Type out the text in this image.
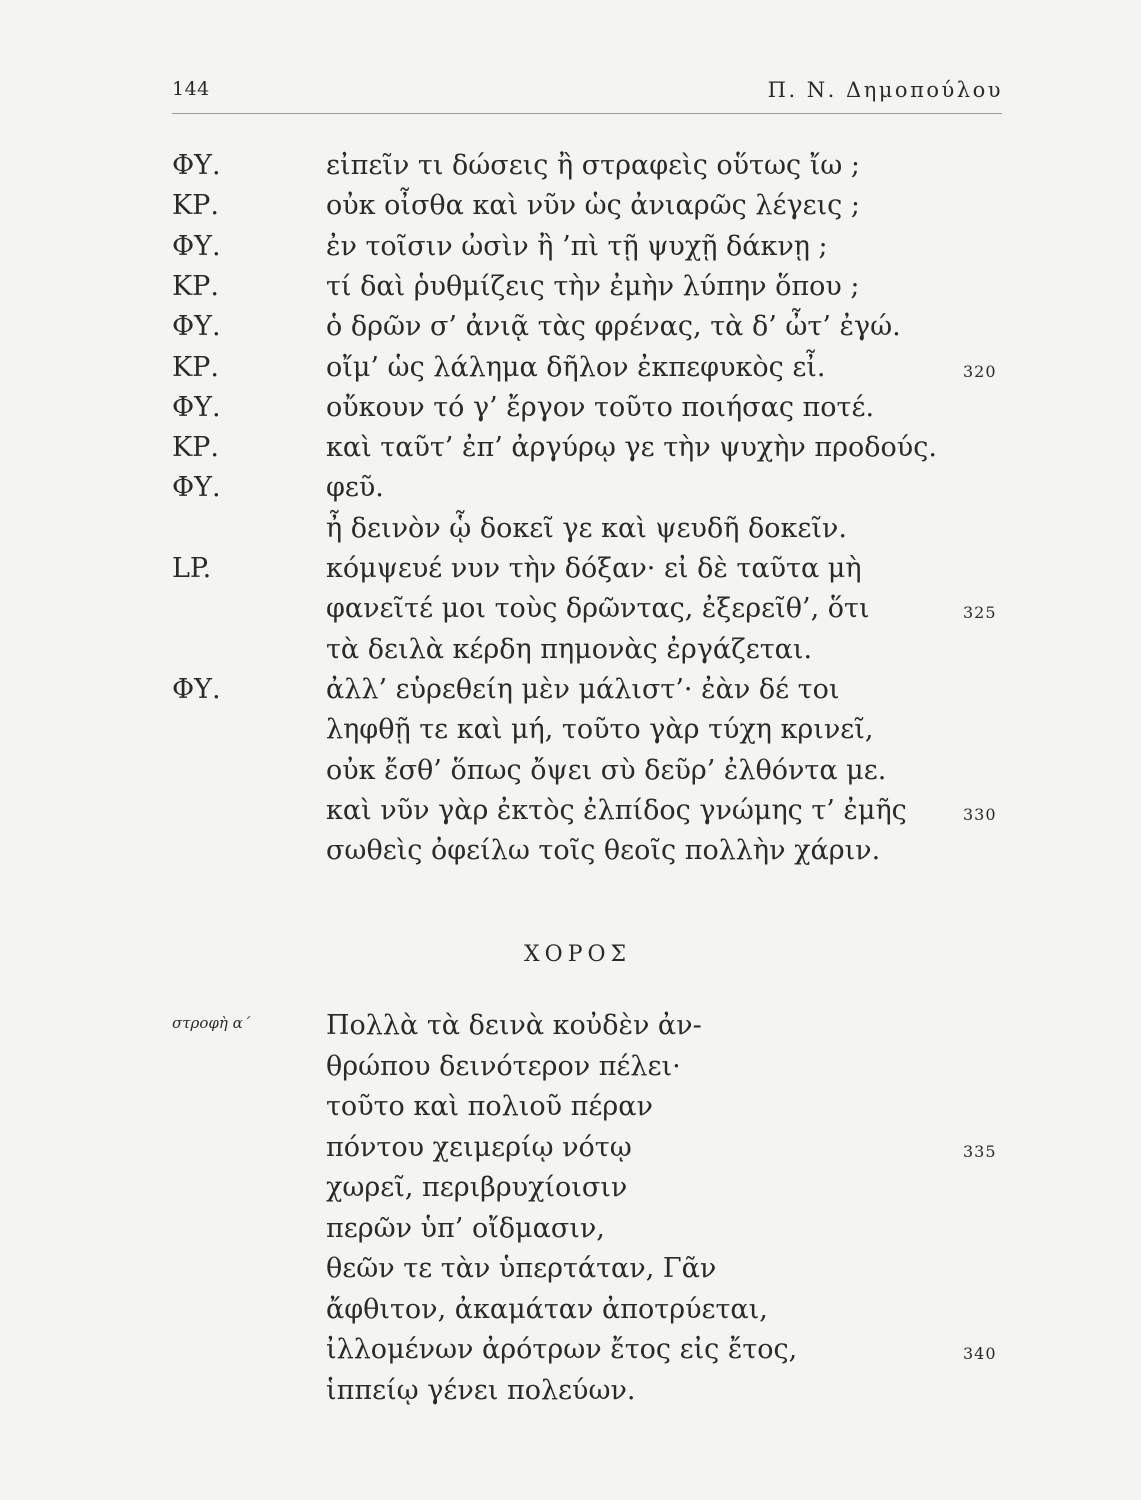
144	Π. Ν. Δημοπούλου
ΦΥ.	εἰπεῖν τι δώσεις ἢ στραφεὶς οὕτως ἴω ;
ΚΡ.	οὐκ οἶσθα καὶ νῦν ὡς ἀνιαρῶς λέγεις ;
ΦΥ.	ἐν τοῖσιν ὠσὶν ἢ ’πὶ τῇ ψυχῇ δάκνῃ ;
ΚΡ.	τί δαὶ ῥυθμίζεις τὴν ἐμὴν λύπην ὅπου ;
ΦΥ.	ὁ δρῶν σ’ ἀνιᾷ τὰς φρένας, τὰ δ’ ὦτ’ ἐγώ.
ΚΡ.	οἴμ’ ὡς λάλημα δῆλον ἐκπεφυκὸς εἶ.	320
ΦΥ.	οὔκουν τό γ’ ἔργον τοῦτο ποιήσας ποτέ.
ΚΡ.	καὶ ταῦτ’ ἐπ’ ἀργύρῳ γε τὴν ψυχὴν προδούς.
ΦΥ.	φεῦ.
ἦ δεινὸν ᾧ δοκεῖ γε καὶ ψευδῆ δοκεῖν.
LP.	κόμψευέ νυν τὴν δόξαν· εἰ δὲ ταῦτα μὴ
φανεῖτέ μοι τοὺς δρῶντας, ἐξερεῖθ’, ὅτι	325
τὰ δειλὰ κέρδη πημονὰς ἐργάζεται.
ΦΥ.	ἀλλ’ εὑρεθείη μὲν μάλιστ’· ἐὰν δέ τοι
ληφθῇ τε καὶ μή, τοῦτο γὰρ τύχη κρινεῖ,
οὐκ ἔσθ’ ὅπως ὄψει σὺ δεῦρ’ ἐλθόντα με.
καὶ νῦν γὰρ ἐκτὸς ἐλπίδος γνώμης τ’ ἐμῆς	330
σωθεὶς ὀφείλω τοῖς θεοῖς πολλὴν χάριν.
ΧΟΡΟΣ
στροφὴ α΄	Πολλὰ τὰ δεινὰ κοὐδὲν ἀν-
θρώπου δεινότερον πέλει·
τοῦτο καὶ πολιοῦ πέραν
πόντου χειμερίῳ νότῳ	335
χωρεῖ, περιβρυχίοισιν
περῶν ὑπ’ οἴδμασιν,
θεῶν τε τὰν ὑπερτάταν, Γᾶν
ἄφθιτον, ἀκαμάταν ἀποτρύεται,
ἰλλομένων ἀρότρων ἔτος εἰς ἔτος,	340
ἱππείῳ γένει πολεύων.
